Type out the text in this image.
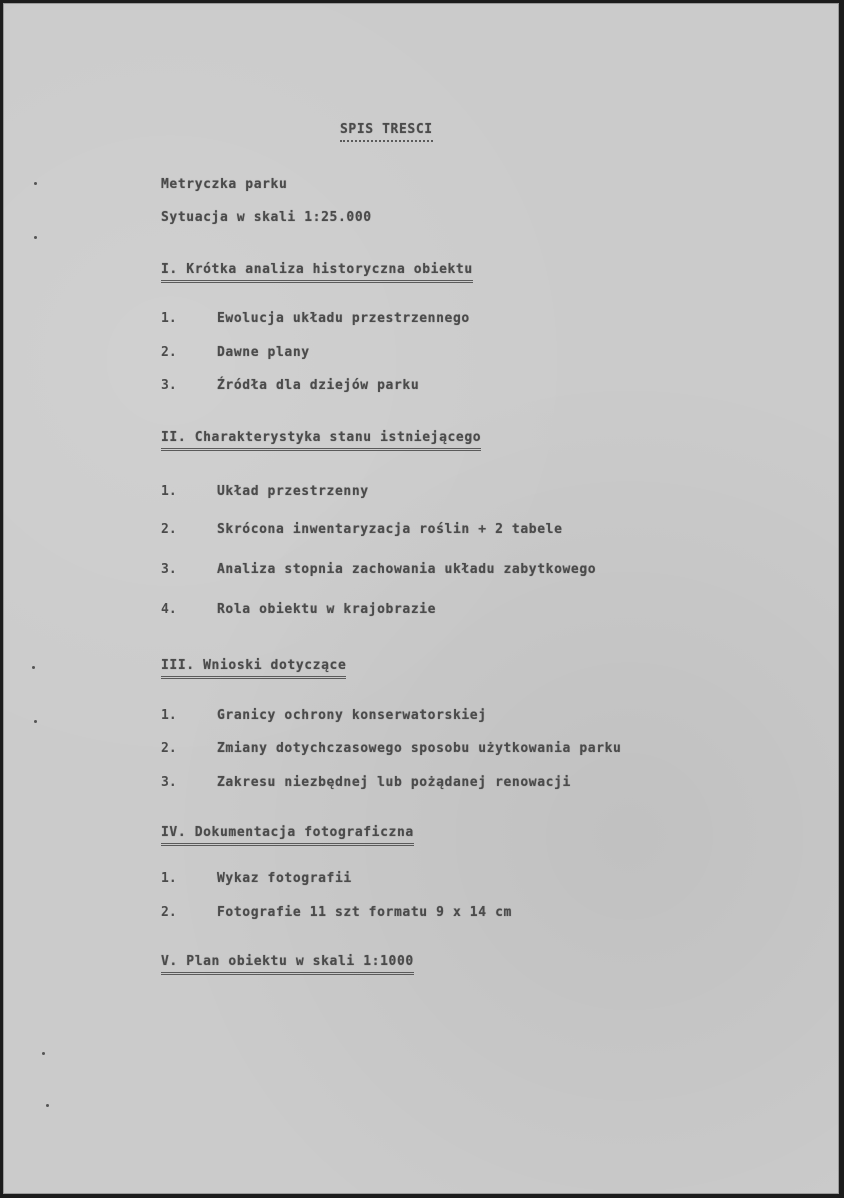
SPIS TRESCI
Metryczka parku
Sytuacja w skali 1:25.000
I. Krótka analiza historyczna obiektu
1.	Ewolucja układu przestrzennego
2.	Dawne plany
3.	Źródła dla dziejów parku
II. Charakterystyka stanu istniejącego
1.	Układ przestrzenny
2.	Skrócona inwentaryzacja roślin + 2 tabele
3.	Analiza stopnia zachowania układu zabytkowego
4.	Rola obiektu w krajobrazie
III. Wnioski dotyczące
1.	Granicy ochrony konserwatorskiej
2.	Zmiany dotychczasowego sposobu użytkowania parku
3.	Zakresu niezbędnej lub pożądanej renowacji
IV. Dokumentacja fotograficzna
1.	Wykaz fotografii
2.	Fotografie 11 szt formatu 9 x 14 cm
V. Plan obiektu w skali 1:1000
